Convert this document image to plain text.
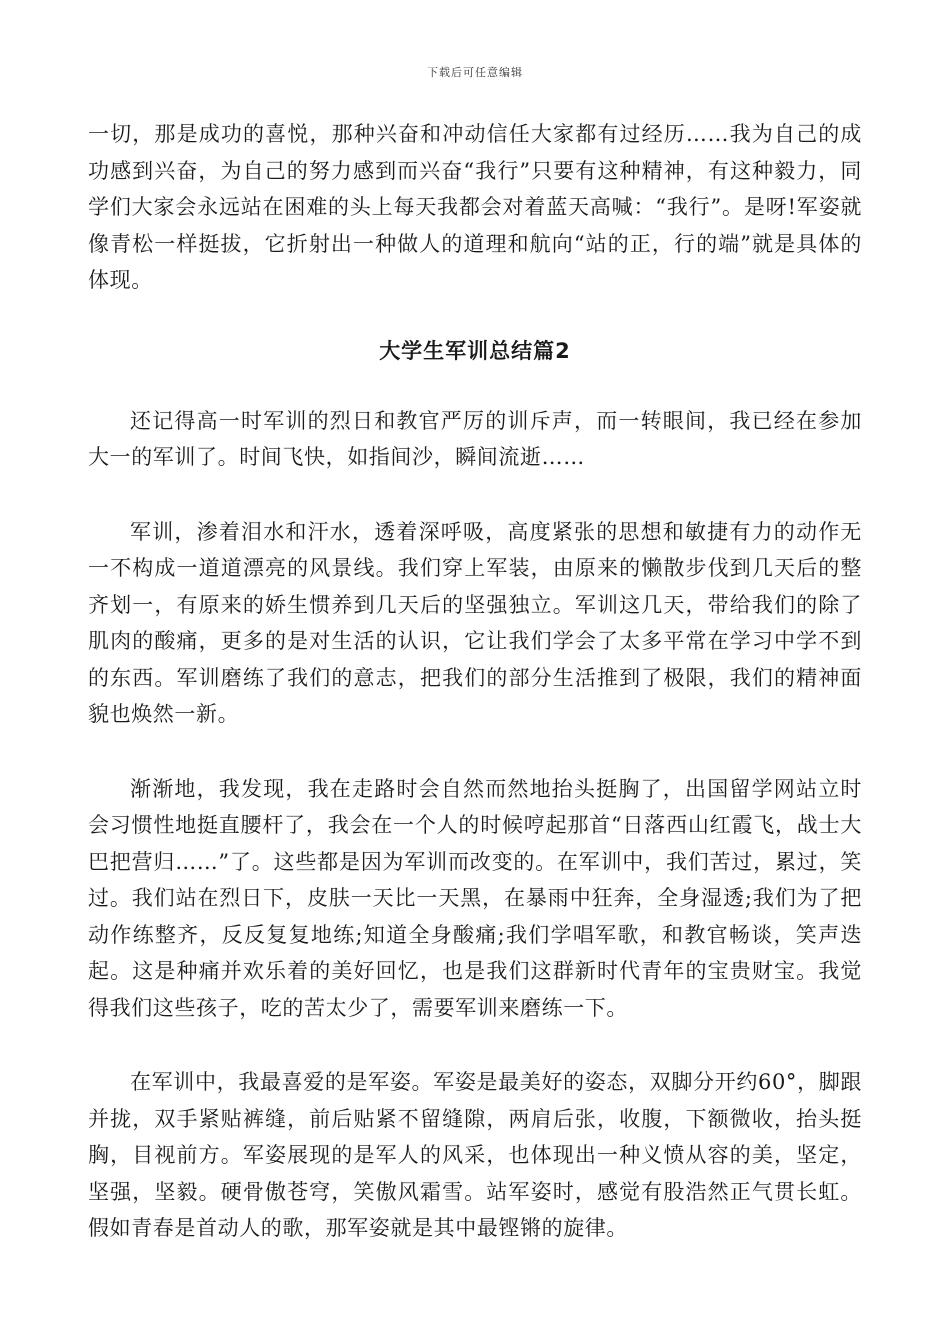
下载后可任意编辑

一切，那是成功的喜悦，那种兴奋和冲动信任大家都有过经历……我为自己的成功感到兴奋，为自己的努力感到而兴奋“我行”只要有这种精神，有这种毅力，同学们大家会永远站在困难的头上每天我都会对着蓝天高喊：“我行”。是呀!军姿就像青松一样挺拔，它折射出一种做人的道理和航向“站的正，行的端”就是具体的体现。

大学生军训总结篇2

还记得高一时军训的烈日和教官严厉的训斥声，而一转眼间，我已经在参加大一的军训了。时间飞快，如指间沙，瞬间流逝……

军训，渗着泪水和汗水，透着深呼吸，高度紧张的思想和敏捷有力的动作无一不构成一道道漂亮的风景线。我们穿上军装，由原来的懒散步伐到几天后的整齐划一，有原来的娇生惯养到几天后的坚强独立。军训这几天，带给我们的除了肌肉的酸痛，更多的是对生活的认识，它让我们学会了太多平常在学习中学不到的东西。军训磨练了我们的意志，把我们的部分生活推到了极限，我们的精神面貌也焕然一新。

渐渐地，我发现，我在走路时会自然而然地抬头挺胸了，出国留学网站立时会习惯性地挺直腰杆了，我会在一个人的时候哼起那首“日落西山红霞飞，战士大巴把营归……”了。这些都是因为军训而改变的。在军训中，我们苦过，累过，笑过。我们站在烈日下，皮肤一天比一天黑，在暴雨中狂奔，全身湿透;我们为了把动作练整齐，反反复复地练;知道全身酸痛;我们学唱军歌，和教官畅谈，笑声迭起。这是种痛并欢乐着的美好回忆，也是我们这群新时代青年的宝贵财宝。我觉得我们这些孩子，吃的苦太少了，需要军训来磨练一下。

在军训中，我最喜爱的是军姿。军姿是最美好的姿态，双脚分开约60°，脚跟并拢，双手紧贴裤缝，前后贴紧不留缝隙，两肩后张，收腹，下额微收，抬头挺胸，目视前方。军姿展现的是军人的风采，也体现出一种义愤从容的美，坚定，坚强，坚毅。硬骨傲苍穹，笑傲风霜雪。站军姿时，感觉有股浩然正气贯长虹。假如青春是首动人的歌，那军姿就是其中最铿锵的旋律。
